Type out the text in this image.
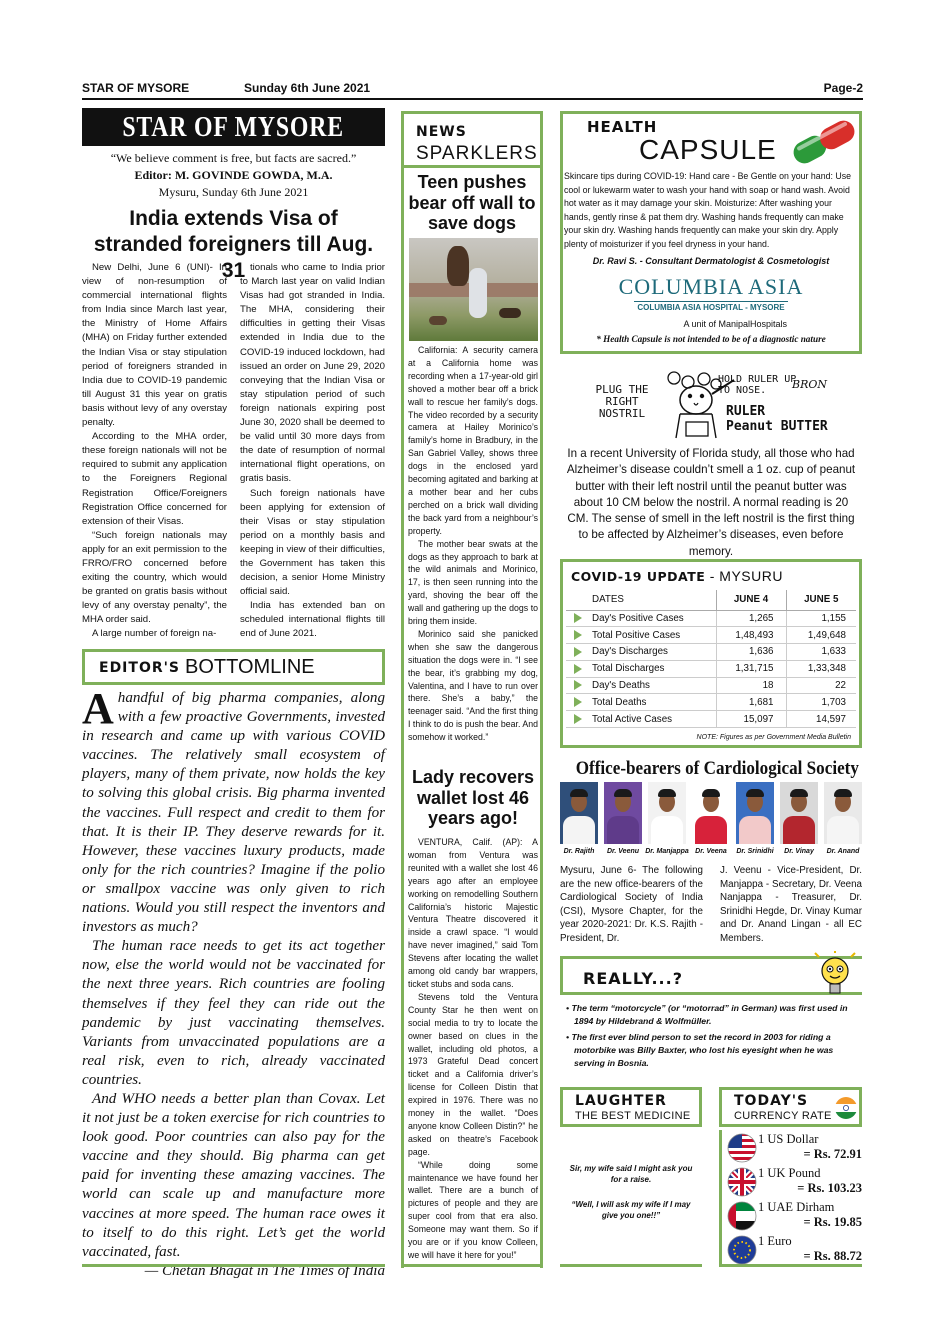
STAR OF MYSORE	Sunday 6th June 2021	Page-2
STAR OF MYSORE
“We believe comment is free, but facts are sacred.”
Editor: M. GOVINDE GOWDA, M.A.
Mysuru, Sunday 6th June 2021
India extends Visa of stranded foreigners till Aug. 31

New Delhi, June 6 (UNI)- In view of non-resumption of commercial international flights from India since March last year, the Ministry of Home Affairs (MHA) on Friday further extended the Indian Visa or stay stipulation period of foreigners stranded in India due to COVID-19 pandemic till August 31 this year on gratis basis without levy of any overstay penalty.

According to the MHA order, these foreign nationals will not be required to submit any application to the Foreigners Regional Registration Office/Foreigners Registration Office concerned for extension of their Visas.

“Such foreign nationals may apply for an exit permission to the FRRO/FRO concerned before exiting the country, which would be granted on gratis basis without levy of any overstay penalty”, the MHA order said.

A large number of foreign na-

tionals who came to India prior to March last year on valid Indian Visas had got stranded in India. The MHA, considering their difficulties in getting their Visas extended in India due to the COVID-19 induced lockdown, had issued an order on June 29, 2020 conveying that the Indian Visa or stay stipulation period of such foreign nationals expiring post June 30, 2020 shall be deemed to be valid until 30 more days from the date of resumption of normal international flight operations, on gratis basis.

Such foreign nationals have been applying for extension of their Visas or stay stipulation period on a monthly basis and keeping in view of their difficulties, the Government has taken this decision, a senior Home Ministry official said.

India has extended ban on scheduled international flights till end of June 2021.

EDITOR'S BOTTOMLINE

Ahandful of big pharma companies, along with a few proactive Governments, invested in research and came up with various COVID vaccines. The relatively small ecosystem of players, many of them private, now holds the key to solving this global crisis. Big pharma invented the vaccines. Full respect and credit to them for that. It is their IP. They deserve rewards for it. However, these vaccines luxury products, made only for the rich countries? Imagine if the polio or smallpox vaccine was only given to rich nations. Would you still respect the inventors and investors as much?

The human race needs to get its act together now, else the world would not be vaccinated for the next three years. Rich countries are fooling themselves if they feel they can ride out the pandemic by just vaccinating themselves. Variants from unvaccinated populations are a real risk, even to rich, already vaccinated countries.

And WHO needs a better plan than Covax. Let it not just be a token exercise for rich countries to look good. Poor countries can also pay for the vaccine and they should. Big pharma can get paid for inventing these amazing vaccines. The world can scale up and manufacture more vaccines at more speed. The human race owes it to itself to do this right. Let’s get the world vaccinated, fast.

— Chetan Bhagat in The Times of India

NEWS
SPARKLERS
Teen pushes bear off wall to save dogs

California: A security camera at a California home was recording when a 17-year-old girl shoved a mother bear off a brick wall to rescue her family’s dogs. The video recorded by a security camera at Hailey Morinico’s family’s home in Bradbury, in the San Gabriel Valley, shows three dogs in the enclosed yard becoming agitated and barking at a mother bear and her cubs perched on a brick wall dividing the back yard from a neighbour’s property.

The mother bear swats at the dogs as they approach to bark at the wild animals and Morinico, 17, is then seen running into the yard, shoving the bear off the wall and gathering up the dogs to bring them inside.

Morinico said she panicked when she saw the dangerous situation the dogs were in. “I see the bear, it’s grabbing my dog, Valentina, and I have to run over there. She’s a baby,” the teenager said. “And the first thing I think to do is push the bear. And somehow it worked.”

Lady recovers wallet lost 46 years ago!

VENTURA, Calif. (AP): A woman from Ventura was reunited with a wallet she lost 46 years ago after an employee working on remodelling Southern California’s historic Majestic Ventura Theatre discovered it inside a crawl space. “I would have never imagined,” said Tom Stevens after locating the wallet among old candy bar wrappers, ticket stubs and soda cans.

Stevens told the Ventura County Star he then went on social media to try to locate the owner based on clues in the wallet, including old photos, a 1973 Grateful Dead concert ticket and a California driver’s license for Colleen Distin that expired in 1976. There was no money in the wallet. “Does anyone know Colleen Distin?” he asked on theatre’s Facebook page.

“While doing some maintenance we have found her wallet. There are a bunch of pictures of people and they are super cool from that era also. Someone may want them. So if you are or if you know Colleen, we will have it here for you!”

HEALTH
CAPSULE
Skincare tips during COVID-19: Hand care - Be Gentle on your hand: Use cool or lukewarm water to wash your hand with soap or hand wash. Avoid hot water as it may damage your skin. Moisturize: After washing your hands, gently rinse & pat them dry. Washing hands frequently can make your skin dry. Washing hands frequently can make your skin dry. Apply plenty of moisturizer if you feel dryness in your hand.
Dr. Ravi S. - Consultant Dermatologist & Cosmetologist
COLUMBIA ASIA
COLUMBIA ASIA HOSPITAL - MYSORE
A unit of ManipalHospitals
* Health Capsule is not intended to be of a diagnostic nature
PLUG THE RIGHT NOSTRIL
HOLD RULER UP TO NOSE.	BRON
RULER
Peanut BUTTER
In a recent University of Florida study, all those who had Alzheimer’s disease couldn’t smell a 1 oz. cup of peanut butter with their left nostril until the peanut butter was about 10 CM below the nostril. A normal reading is 20 CM. The sense of smell in the left nostril is the first thing to be affected by Alzheimer’s diseases, even before memory.
COVID-19 UPDATE - MYSURU
DATES	JUNE 4	JUNE 5
Day's Positive Cases	1,265	1,155
Total Positive Cases	1,48,493	1,49,648
Day's Discharges	1,636	1,633
Total Discharges	1,31,715	1,33,348
Day's Deaths	18	22
Total Deaths	1,681	1,703
Total Active Cases	15,097	14,597
NOTE: Figures as per Government Media Bulletin
Office-bearers of Cardiological Society
Dr. Rajith	Dr. Veenu Dr. Manjappa Dr. Veena	Dr. Srinidhi	Dr. Vinay	Dr. Anand
Mysuru, June 6- The following are the new office-bearers of the Cardiological Society of India (CSI), Mysore Chapter, for the year 2020-2021: Dr. K.S. Rajith - President, Dr.
J. Veenu - Vice-President, Dr. Manjappa - Secretary, Dr. Veena Nanjappa - Treasurer, Dr. Srinidhi Hegde, Dr. Vinay Kumar and Dr. Anand Lingan - all EC Members.
REALLY...?
• The term “motorcycle” (or “motorrad” in German) was first used in 1894 by Hildebrand & Wolfmüller.
• The first ever blind person to set the record in 2003 for riding a motorbike was Billy Baxter, who lost his eyesight when he was serving in Bosnia.
LAUGHTER
THE BEST MEDICINE
Sir, my wife said I might ask you for a raise.
“Well, I will ask my wife if I may give you one!!”
TODAY'S
CURRENCY RATE
1 US Dollar
= Rs. 72.91
1 UK Pound
= Rs. 103.23
1 UAE Dirham
= Rs. 19.85
1 Euro
= Rs. 88.72
